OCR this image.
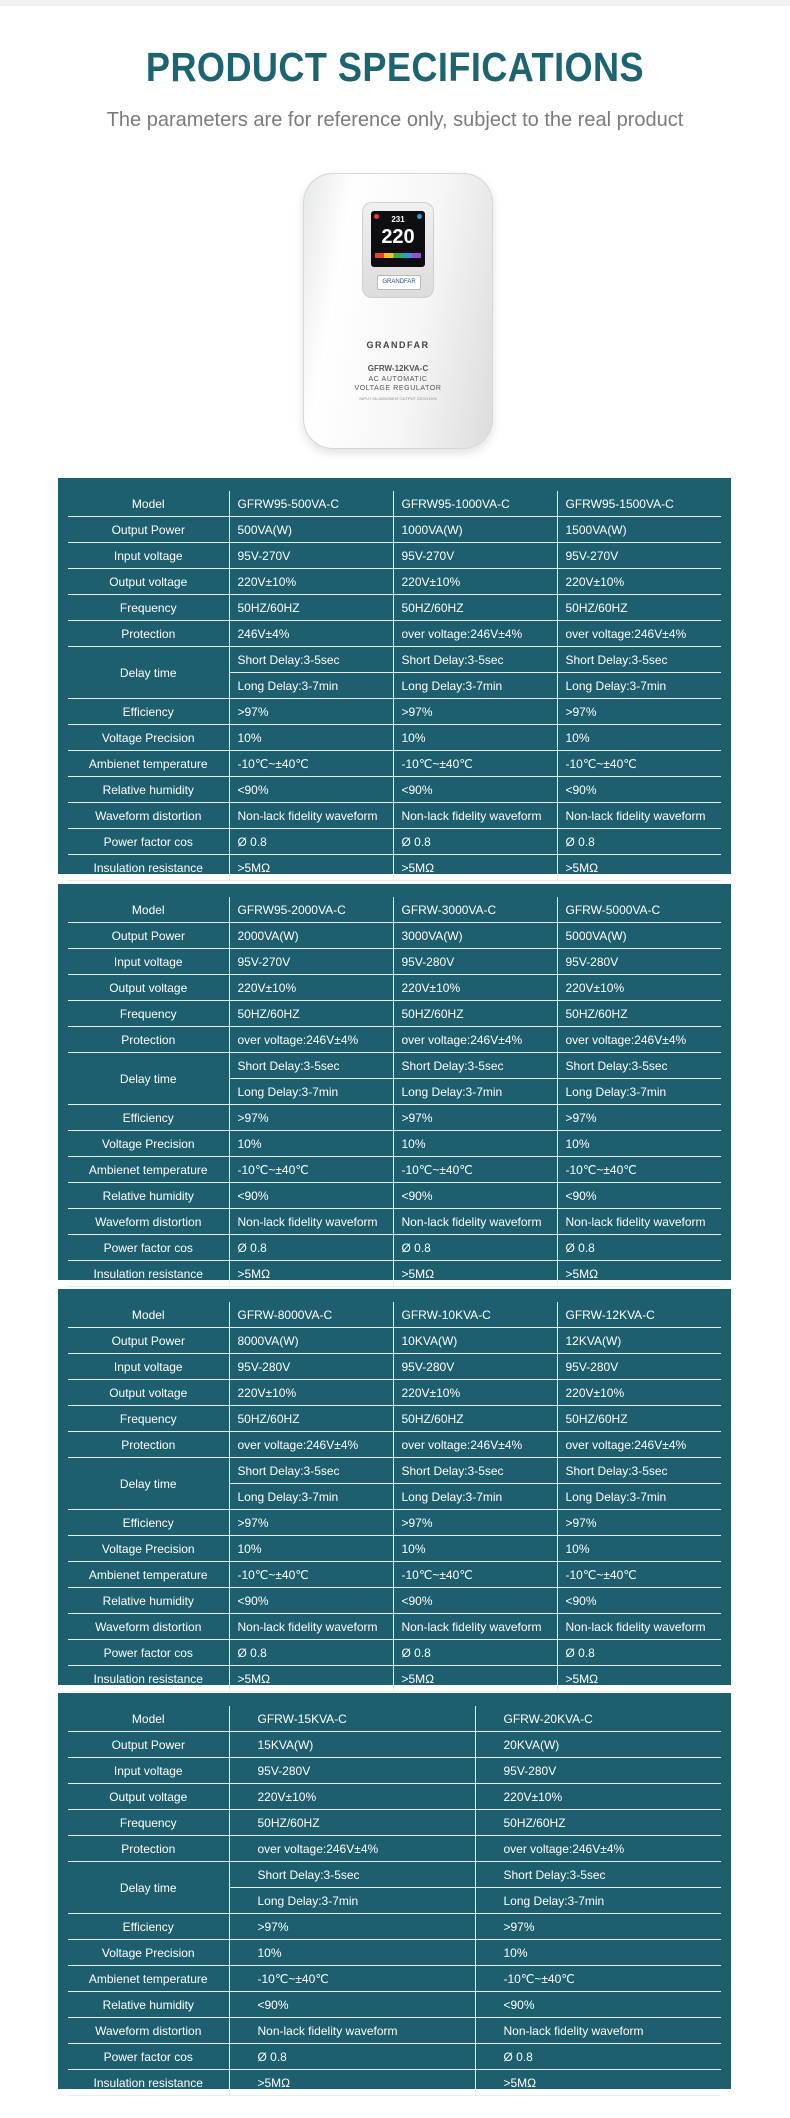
PRODUCT SPECIFICATIONS
The parameters are for reference only, subject to the real product
231
220
GRANDFAR
GRANDFAR
GFRW-12KVA-C
AC AUTOMATIC
VOLTAGE REGULATOR
INPUT 95-280V/50HZ OUTPUT 220V±10%
Model	GFRW95-500VA-C	GFRW95-1000VA-C	GFRW95-1500VA-C
Output Power	500VA(W)	1000VA(W)	1500VA(W)
Input voltage	95V-270V	95V-270V	95V-270V
Output voltage	220V±10%	220V±10%	220V±10%
Frequency	50HZ/60HZ	50HZ/60HZ	50HZ/60HZ
Protection	246V±4%	over voltage:246V±4%	over voltage:246V±4%
Delay time	Short Delay:3-5sec	Short Delay:3-5sec	Short Delay:3-5sec
	Long Delay:3-7min	Long Delay:3-7min	Long Delay:3-7min
Efficiency	>97%	>97%	>97%
Voltage Precision	10%	10%	10%
Ambienet temperature	-10℃~±40℃	-10℃~±40℃	-10℃~±40℃
Relative humidity	<90%	<90%	<90%
Waveform distortion	Non-lack fidelity waveform	Non-lack fidelity waveform	Non-lack fidelity waveform
Power factor cos	Ø 0.8	Ø 0.8	Ø 0.8
Insulation resistance	>5MΩ	>5MΩ	>5MΩ
Model	GFRW95-2000VA-C	GFRW-3000VA-C	GFRW-5000VA-C
Output Power	2000VA(W)	3000VA(W)	5000VA(W)
Input voltage	95V-270V	95V-280V	95V-280V
Output voltage	220V±10%	220V±10%	220V±10%
Frequency	50HZ/60HZ	50HZ/60HZ	50HZ/60HZ
Protection	over voltage:246V±4%	over voltage:246V±4%	over voltage:246V±4%
Delay time	Short Delay:3-5sec	Short Delay:3-5sec	Short Delay:3-5sec
	Long Delay:3-7min	Long Delay:3-7min	Long Delay:3-7min
Efficiency	>97%	>97%	>97%
Voltage Precision	10%	10%	10%
Ambienet temperature	-10℃~±40℃	-10℃~±40℃	-10℃~±40℃
Relative humidity	<90%	<90%	<90%
Waveform distortion	Non-lack fidelity waveform	Non-lack fidelity waveform	Non-lack fidelity waveform
Power factor cos	Ø 0.8	Ø 0.8	Ø 0.8
Insulation resistance	>5MΩ	>5MΩ	>5MΩ
Model	GFRW-8000VA-C	GFRW-10KVA-C	GFRW-12KVA-C
Output Power	8000VA(W)	10KVA(W)	12KVA(W)
Input voltage	95V-280V	95V-280V	95V-280V
Output voltage	220V±10%	220V±10%	220V±10%
Frequency	50HZ/60HZ	50HZ/60HZ	50HZ/60HZ
Protection	over voltage:246V±4%	over voltage:246V±4%	over voltage:246V±4%
Delay time	Short Delay:3-5sec	Short Delay:3-5sec	Short Delay:3-5sec
	Long Delay:3-7min	Long Delay:3-7min	Long Delay:3-7min
Efficiency	>97%	>97%	>97%
Voltage Precision	10%	10%	10%
Ambienet temperature	-10℃~±40℃	-10℃~±40℃	-10℃~±40℃
Relative humidity	<90%	<90%	<90%
Waveform distortion	Non-lack fidelity waveform	Non-lack fidelity waveform	Non-lack fidelity waveform
Power factor cos	Ø 0.8	Ø 0.8	Ø 0.8
Insulation resistance	>5MΩ	>5MΩ	>5MΩ
Model	GFRW-15KVA-C	GFRW-20KVA-C
Output Power	15KVA(W)	20KVA(W)
Input voltage	95V-280V	95V-280V
Output voltage	220V±10%	220V±10%
Frequency	50HZ/60HZ	50HZ/60HZ
Protection	over voltage:246V±4%	over voltage:246V±4%
Delay time	Short Delay:3-5sec	Short Delay:3-5sec
	Long Delay:3-7min	Long Delay:3-7min
Efficiency	>97%	>97%
Voltage Precision	10%	10%
Ambienet temperature	-10℃~±40℃	-10℃~±40℃
Relative humidity	<90%	<90%
Waveform distortion	Non-lack fidelity waveform	Non-lack fidelity waveform
Power factor cos	Ø 0.8	Ø 0.8
Insulation resistance	>5MΩ	>5MΩ
